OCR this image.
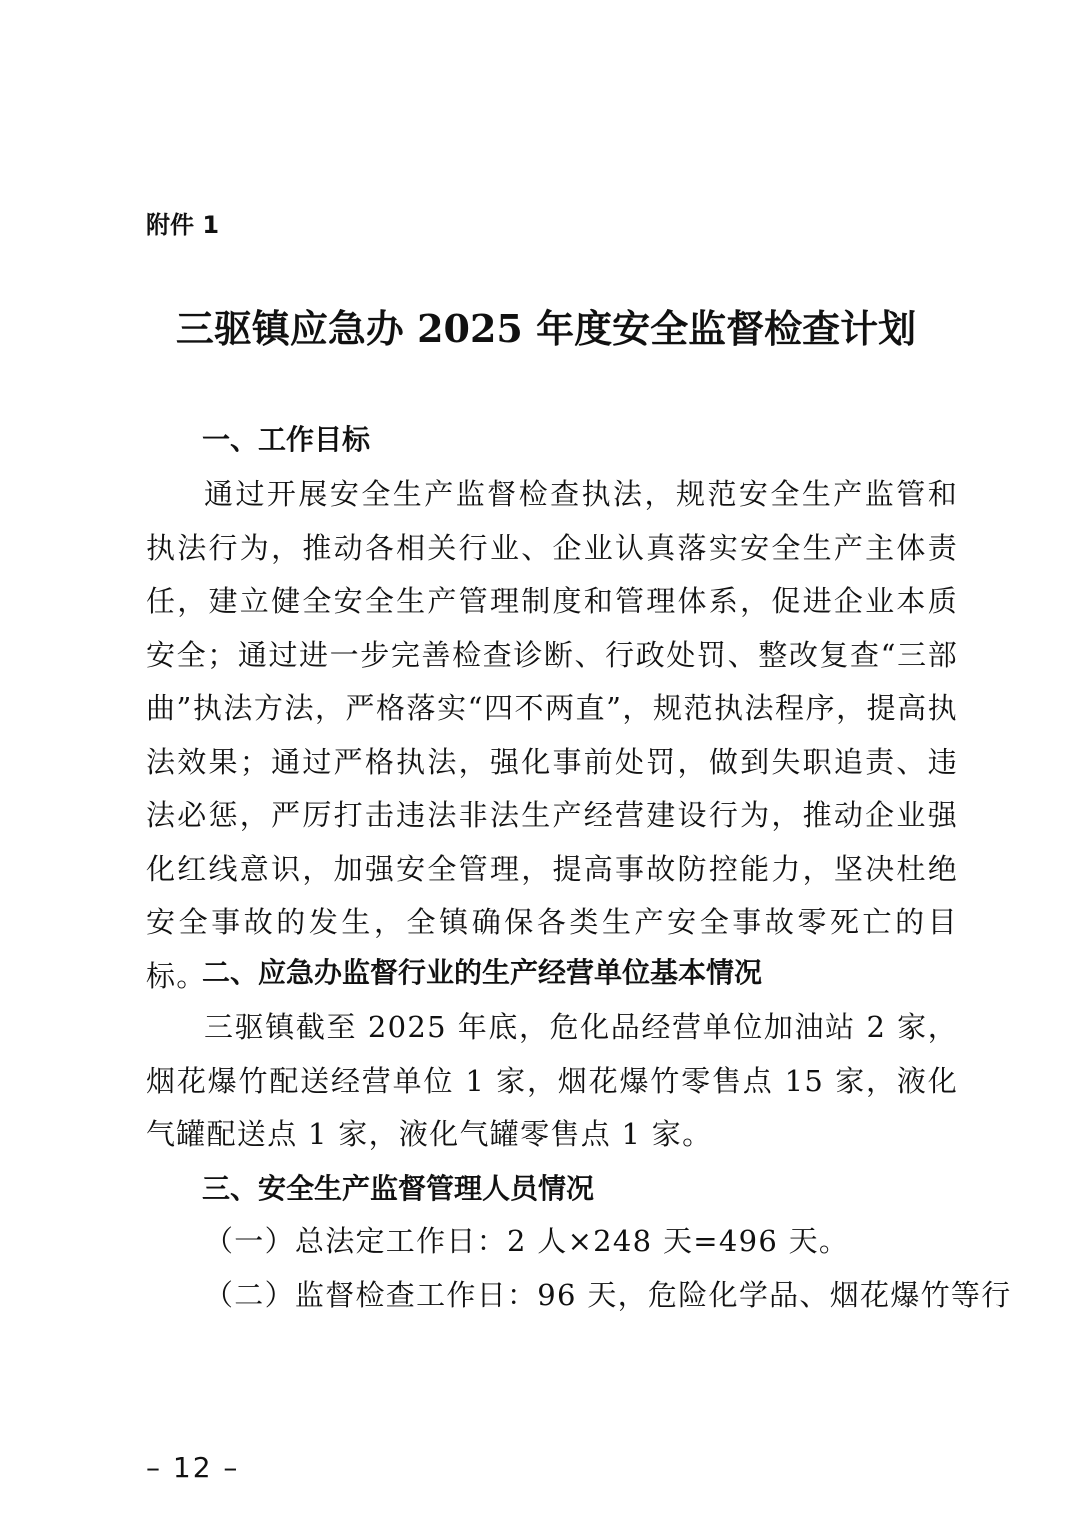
附件 1

三驱镇应急办 2025 年度安全监督检查计划
一、工作目标

通过开展安全生产监督检查执法，规范安全生产监管和执法行为，推动各相关行业、企业认真落实安全生产主体责任，建立健全安全生产管理制度和管理体系，促进企业本质安全；通过进一步完善检查诊断、行政处罚、整改复查“三部曲”执法方法，严格落实“四不两直”，规范执法程序，提高执法效果；通过严格执法，强化事前处罚，做到失职追责、违法必惩，严厉打击违法非法生产经营建设行为，推动企业强化红线意识，加强安全管理，提高事故防控能力，坚决杜绝安全事故的发生，全镇确保各类生产安全事故零死亡的目标。

二、应急办监督行业的生产经营单位基本情况

三驱镇截至 2025 年底，危化品经营单位加油站 2 家，烟花爆竹配送经营单位 1 家，烟花爆竹零售点 15 家，液化气罐配送点 1 家，液化气罐零售点 1 家。

三、安全生产监督管理人员情况

（一）总法定工作日：2 人×248 天=496 天。

（二）监督检查工作日：96 天，危险化学品、烟花爆竹等行

– 12 –
